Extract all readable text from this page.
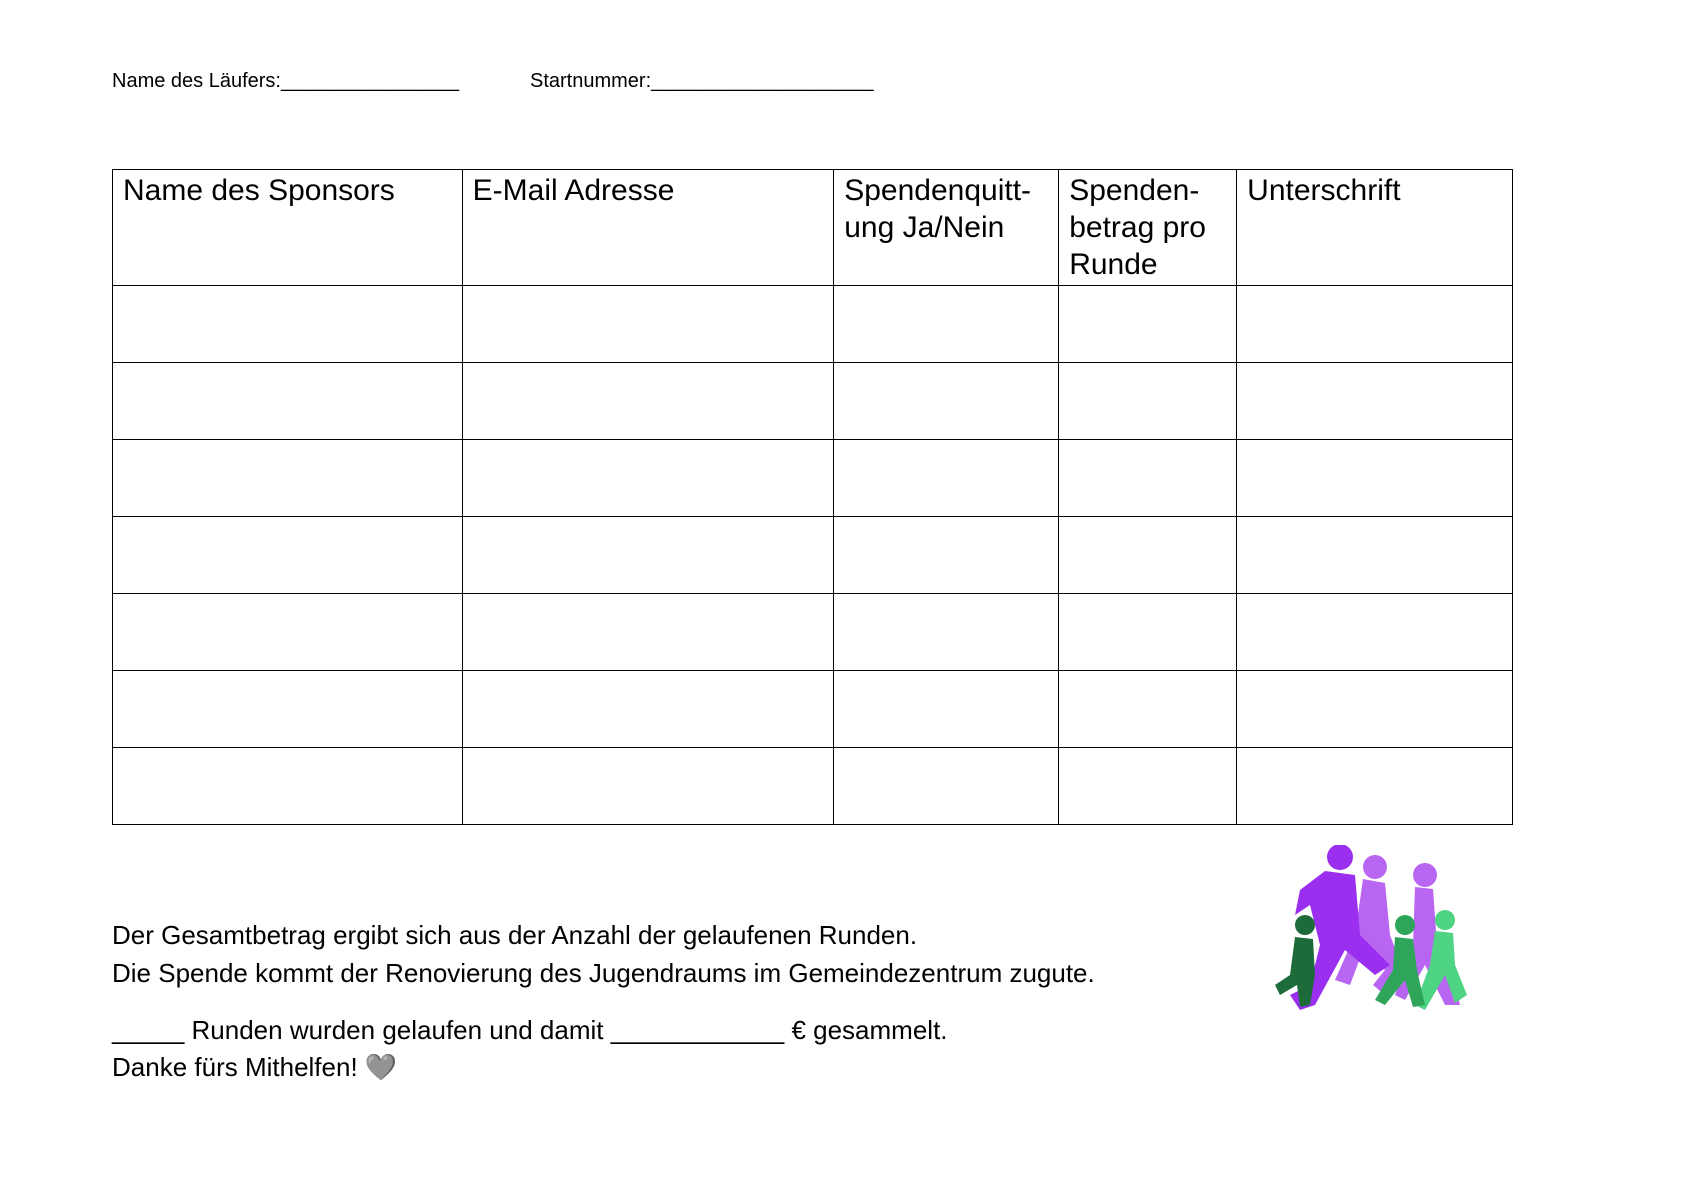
Name des Läufers:________________	Startnummer:____________________
Name des Sponsors	E-Mail Adresse	Spendenquitt-ung Ja/Nein	Spenden-betrag pro Runde	Unterschrift

Der Gesamtbetrag ergibt sich aus der Anzahl der gelaufenen Runden.
Die Spende kommt der Renovierung des Jugendraums im Gemeindezentrum zugute.
_____ Runden wurden gelaufen und damit ____________ € gesammelt.
Danke fürs Mithelfen! 🩶
